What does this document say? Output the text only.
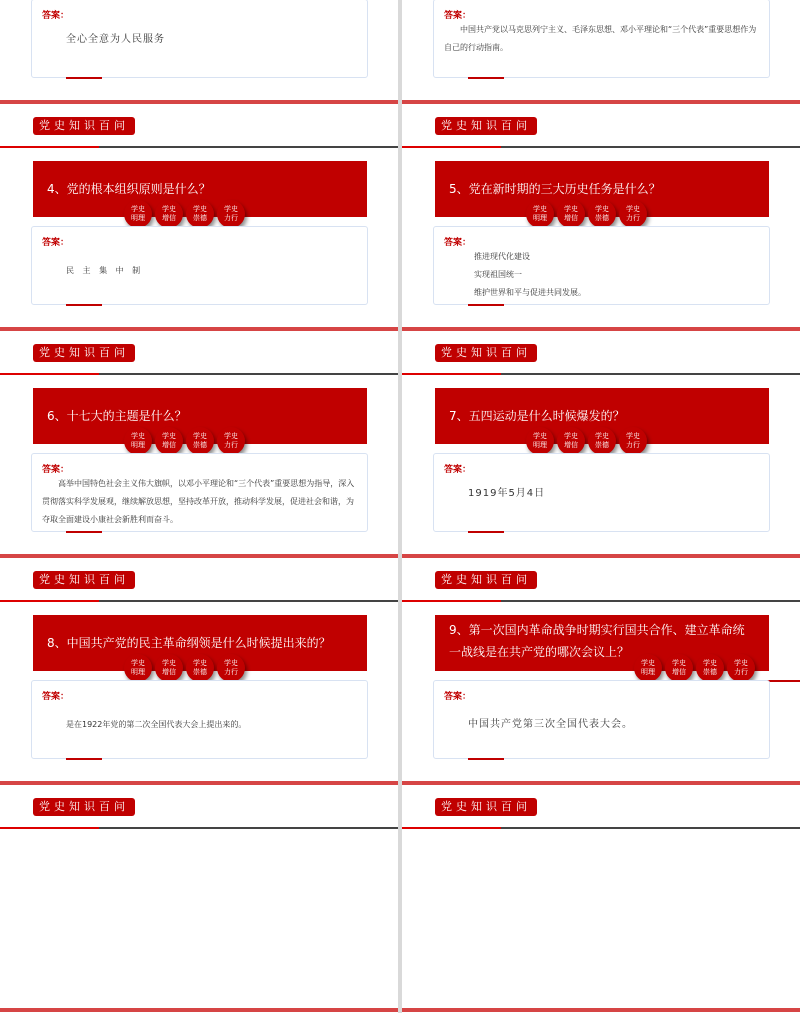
答案：
全心全意为人民服务
答案：
　　中国共产党以马克思列宁主义、毛泽东思想、邓小平理论和“三个代表”重要思想作为自己的行动指南。
党史知识百问
4、党的根本组织原则是什么？
学史
明理
学史
增信
学史
崇德
学史
力行
答案：
民 主 集 中 制
党史知识百问
5、党在新时期的三大历史任务是什么？
学史
明理
学史
增信
学史
崇德
学史
力行
答案：
推进现代化建设
实现祖国统一
维护世界和平与促进共同发展。
党史知识百问
6、十七大的主题是什么？
学史
明理
学史
增信
学史
崇德
学史
力行
答案：
　　高举中国特色社会主义伟大旗帜，以邓小平理论和“三个代表”重要思想为指导，深入贯彻落实科学发展观，继续解放思想，坚持改革开放，推动科学发展，促进社会和谐，为夺取全面建设小康社会新胜利而奋斗。
党史知识百问
7、五四运动是什么时候爆发的？
学史
明理
学史
增信
学史
崇德
学史
力行
答案：
1919年5月4日
党史知识百问
8、中国共产党的民主革命纲领是什么时候提出来的？
学史
明理
学史
增信
学史
崇德
学史
力行
答案：
是在1922年党的第二次全国代表大会上提出来的。
党史知识百问
9、第一次国内革命战争时期实行国共合作、建立革命统一战线是在共产党的哪次会议上？
学史
明理
学史
增信
学史
崇德
学史
力行
答案：
中国共产党第三次全国代表大会。
党史知识百问	党史知识百问
